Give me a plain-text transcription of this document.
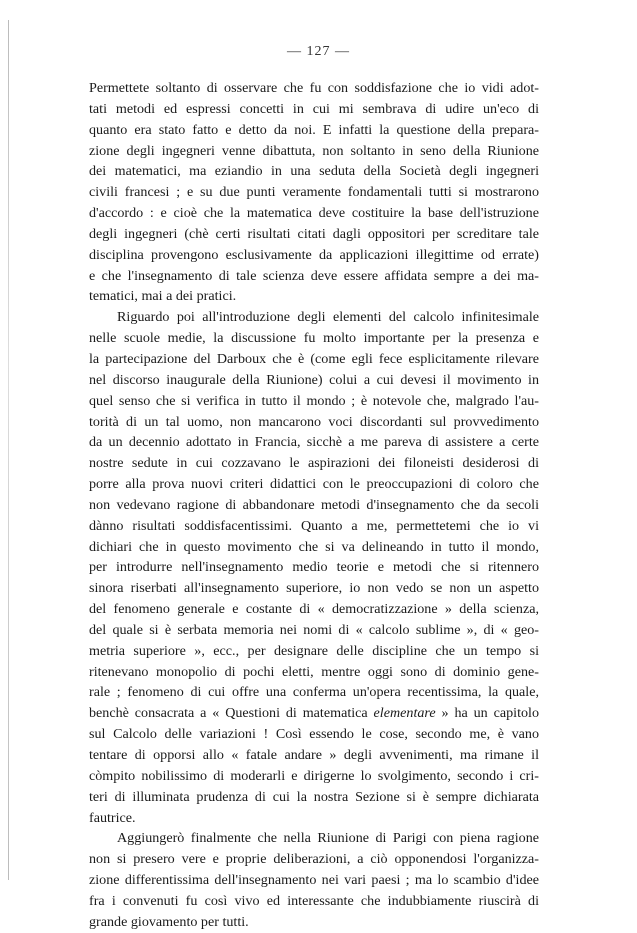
— 127 —
Permettete soltanto di osservare che fu con soddisfazione che io vidi adot-
tati metodi ed espressi concetti in cui mi sembrava di udire un'eco di
quanto era stato fatto e detto da noi. E infatti la questione della prepara-
zione degli ingegneri venne dibattuta, non soltanto in seno della Riunione
dei matematici, ma eziandio in una seduta della Società degli ingegneri
civili francesi ; e su due punti veramente fondamentali tutti si mostrarono
d'accordo : e cioè che la matematica deve costituire la base dell'istruzione
degli ingegneri (chè certi risultati citati dagli oppositori per screditare tale
disciplina provengono esclusivamente da applicazioni illegittime od errate)
e che l'insegnamento di tale scienza deve essere affidata sempre a dei ma-
tematici, mai a dei pratici.
Riguardo poi all'introduzione degli elementi del calcolo infinitesimale
nelle scuole medie, la discussione fu molto importante per la presenza e
la partecipazione del Darboux che è (come egli fece esplicitamente rilevare
nel discorso inaugurale della Riunione) colui a cui devesi il movimento in
quel senso che si verifica in tutto il mondo ; è notevole che, malgrado l'au-
torità di un tal uomo, non mancarono voci discordanti sul provvedimento
da un decennio adottato in Francia, sicchè a me pareva di assistere a certe
nostre sedute in cui cozzavano le aspirazioni dei filoneisti desiderosi di
porre alla prova nuovi criteri didattici con le preoccupazioni di coloro che
non vedevano ragione di abbandonare metodi d'insegnamento che da secoli
dànno risultati soddisfacentissimi. Quanto a me, permettetemi che io vi
dichiari che in questo movimento che si va delineando in tutto il mondo,
per introdurre nell'insegnamento medio teorie e metodi che si ritennero
sinora riserbati all'insegnamento superiore, io non vedo se non un aspetto
del fenomeno generale e costante di « democratizzazione » della scienza,
del quale si è serbata memoria nei nomi di « calcolo sublime », di « geo-
metria superiore », ecc., per designare delle discipline che un tempo si
ritenevano monopolio di pochi eletti, mentre oggi sono di dominio gene-
rale ; fenomeno di cui offre una conferma un'opera recentissima, la quale,
benchè consacrata a « Questioni di matematica elementare » ha un capitolo
sul Calcolo delle variazioni ! Così essendo le cose, secondo me, è vano
tentare di opporsi allo « fatale andare » degli avvenimenti, ma rimane il
còmpito nobilissimo di moderarli e dirigerne lo svolgimento, secondo i cri-
teri di illuminata prudenza di cui la nostra Sezione si è sempre dichiarata
fautrice.
Aggiungerò finalmente che nella Riunione di Parigi con piena ragione
non si presero vere e proprie deliberazioni, a ciò opponendosi l'organizza-
zione differentissima dell'insegnamento nei vari paesi ; ma lo scambio d'idee
fra i convenuti fu così vivo ed interessante che indubbiamente riuscirà di
grande giovamento per tutti.
